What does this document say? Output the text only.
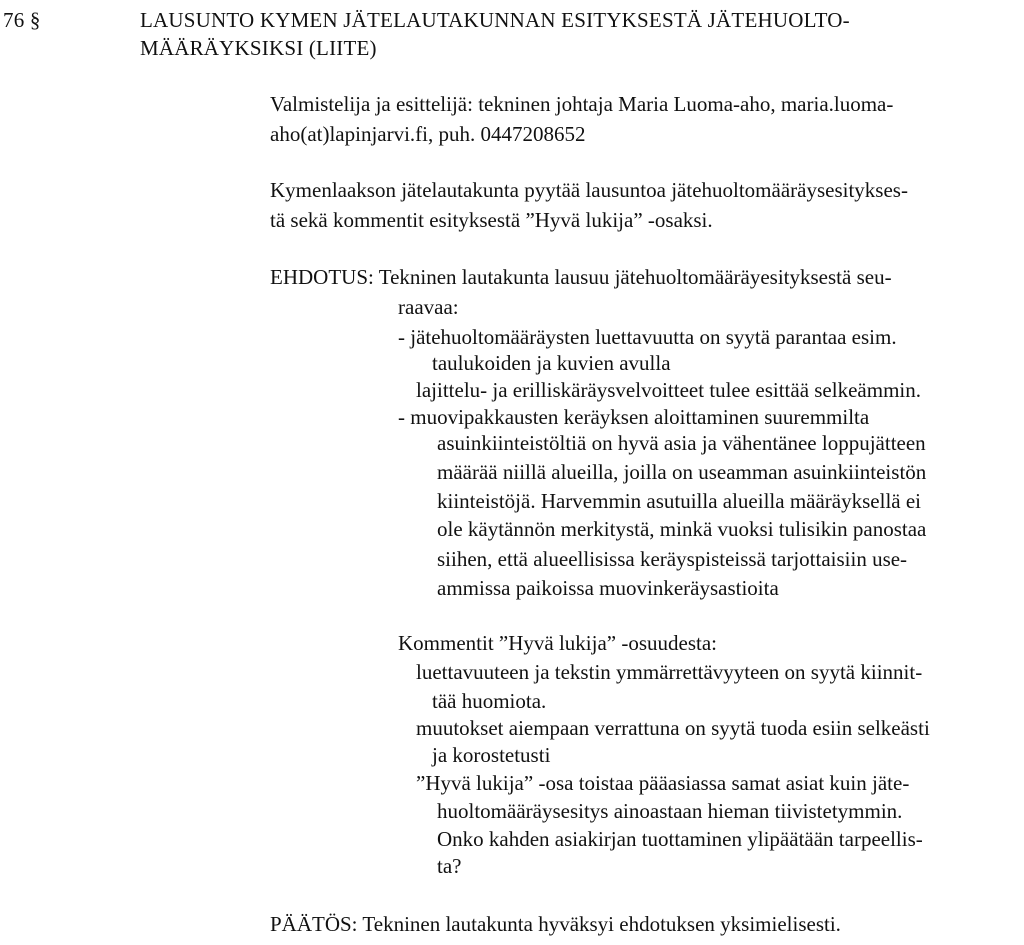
76 §	LAUSUNTO KYMEN JÄTELAUTAKUNNAN ESITYKSESTÄ JÄTEHUOLTO-
MÄÄRÄYKSIKSI (LIITE)
Valmistelija ja esittelijä: tekninen johtaja Maria Luoma-aho, maria.luoma-
aho(at)lapinjarvi.fi, puh. 0447208652
Kymenlaakson jätelautakunta pyytää lausuntoa jätehuoltomääräysesitykses-
tä sekä kommentit esityksestä ”Hyvä lukija” -osaksi.
EHDOTUS: Tekninen lautakunta lausuu jätehuoltomääräyesityksestä seu-
raavaa:
- jätehuoltomääräysten luettavuutta on syytä parantaa esim.
taulukoiden ja kuvien avulla
lajittelu- ja erilliskäräysvelvoitteet tulee esittää selkeämmin.
- muovipakkausten keräyksen aloittaminen suuremmilta
asuinkiinteistöltiä on hyvä asia ja vähentänee loppujätteen
määrää niillä alueilla, joilla on useamman asuinkiinteistön
kiinteistöjä. Harvemmin asutuilla alueilla määräyksellä ei
ole käytännön merkitystä, minkä vuoksi tulisikin panostaa
siihen, että alueellisissa keräyspisteissä tarjottaisiin use-
ammissa paikoissa muovinkeräysastioita
Kommentit ”Hyvä lukija” -osuudesta:
luettavuuteen ja tekstin ymmärrettävyyteen on syytä kiinnit-
tää huomiota.
muutokset aiempaan verrattuna on syytä tuoda esiin selkeästi
ja korostetusti
”Hyvä lukija” -osa toistaa pääasiassa samat asiat kuin jäte-
huoltomääräysesitys ainoastaan hieman tiivistetymmin.
Onko kahden asiakirjan tuottaminen ylipäätään tarpeellis-
ta?
PÄÄTÖS: Tekninen lautakunta hyväksyi ehdotuksen yksimielisesti.
